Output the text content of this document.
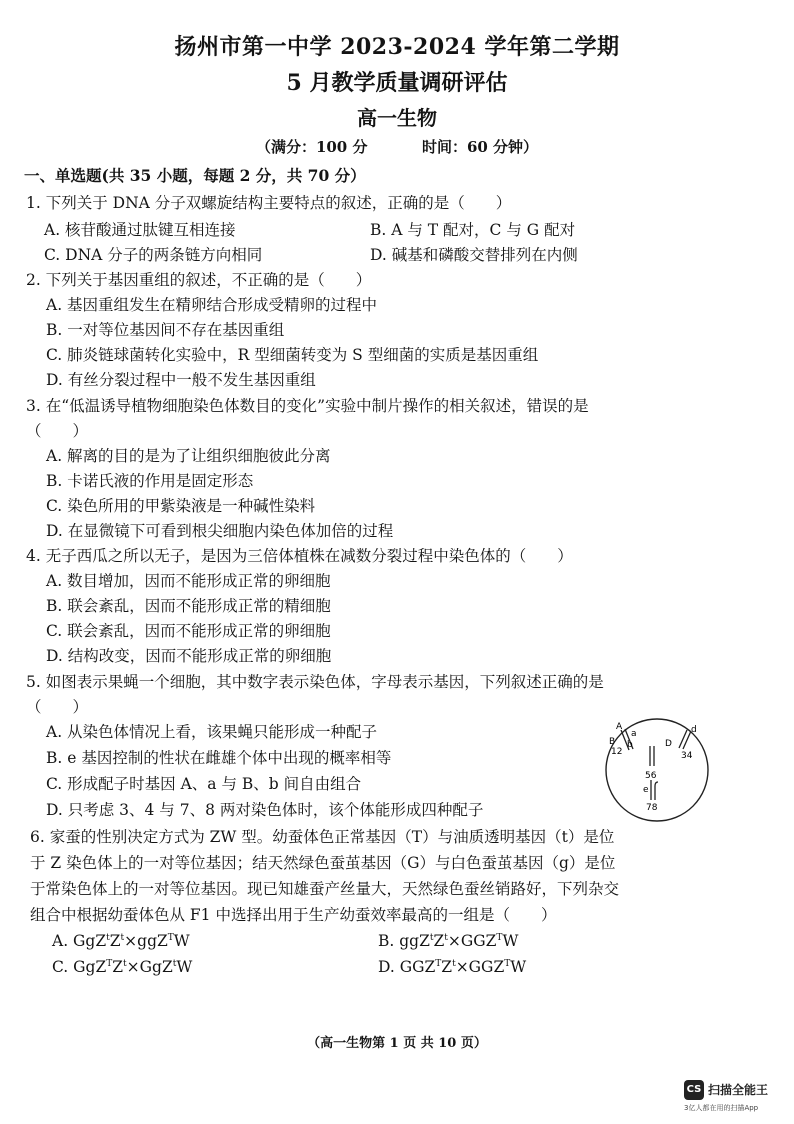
扬州市第一中学 2023-2024 学年第二学期
5 月教学质量调研评估
高一生物
（满分：100 分	时间：60 分钟）
一、单选题(共 35 小题，每题 2 分，共 70 分）
1. 下列关于 DNA 分子双螺旋结构主要特点的叙述，正确的是（　　）
A. 核苷酸通过肽键互相连接	B. A 与 T 配对，C 与 G 配对
C. DNA 分子的两条链方向相同	D. 碱基和磷酸交替排列在内侧
2. 下列关于基因重组的叙述，不正确的是（　　）
A. 基因重组发生在精卵结合形成受精卵的过程中
B. 一对等位基因间不存在基因重组
C. 肺炎链球菌转化实验中，R 型细菌转变为 S 型细菌的实质是基因重组
D. 有丝分裂过程中一般不发生基因重组
3. 在“低温诱导植物细胞染色体数目的变化”实验中制片操作的相关叙述，错误的是
（　　）
A. 解离的目的是为了让组织细胞彼此分离
B. 卡诺氏液的作用是固定形态
C. 染色所用的甲紫染液是一种碱性染料
D. 在显微镜下可看到根尖细胞内染色体加倍的过程
4. 无子西瓜之所以无子，是因为三倍体植株在减数分裂过程中染色体的（　　）
A. 数目增加，因而不能形成正常的卵细胞
B. 联会紊乱，因而不能形成正常的精细胞
C. 联会紊乱，因而不能形成正常的卵细胞
D. 结构改变，因而不能形成正常的卵细胞
5. 如图表示果蝇一个细胞，其中数字表示染色体，字母表示基因，下列叙述正确的是
（　　）
A. 从染色体情况上看，该果蝇只能形成一种配子
B. e 基因控制的性状在雌雄个体中出现的概率相等
C. 形成配子时基因 A、a 与 B、b 间自由组合
D. 只考虑 3、4 与 7、8 两对染色体时，该个体能形成四种配子
A
a
B b
12
d
D
34
56
e
78
6. 家蚕的性别决定方式为 ZW 型。幼蚕体色正常基因（T）与油质透明基因（t）是位
于 Z 染色体上的一对等位基因；结天然绿色蚕茧基因（G）与白色蚕茧基因（g）是位
于常染色体上的一对等位基因。现已知雄蚕产丝量大，天然绿色蚕丝销路好，下列杂交
组合中根据幼蚕体色从 F1 中选择出用于生产幼蚕效率最高的一组是（　　）
A. $GgZ^tZ^t\times ggZ^TW$	B. $ggZ^tZ^t\times GGZ^TW$
C. $GgZ^TZ^t\times GgZ^tW$	D. $GGZ^TZ^t\times GGZ^TW$
（高一生物第 1 页 共 10 页）
CS 扫描全能王
3亿人都在用的扫描App
